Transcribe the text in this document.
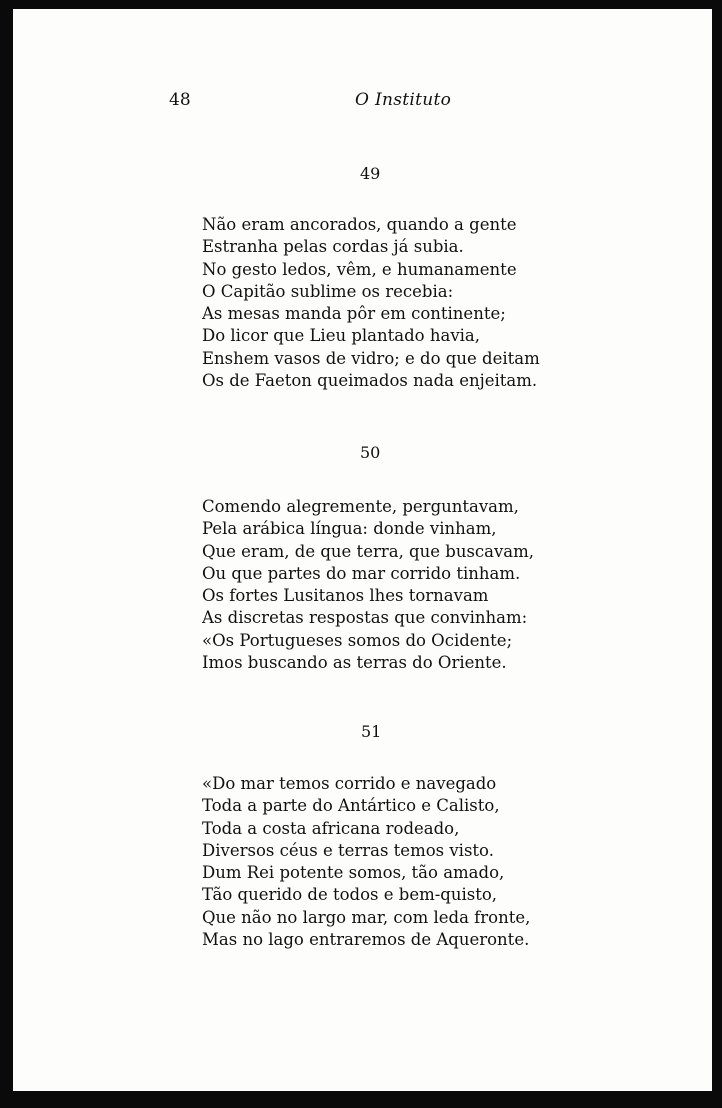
48	O Instituto
49
Não eram ancorados, quando a gente
Estranha pelas cordas já subia.
No gesto ledos, vêm, e humanamente
O Capitão sublime os recebia:
As mesas manda pôr em continente;
Do licor que Lieu plantado havia,
Enshem vasos de vidro; e do que deitam
Os de Faeton queimados nada enjeitam.
50
Comendo alegremente, perguntavam,
Pela arábica língua: donde vinham,
Que eram, de que terra, que buscavam,
Ou que partes do mar corrido tinham.
Os fortes Lusitanos lhes tornavam
As discretas respostas que convinham:
«Os Portugueses somos do Ocidente;
Imos buscando as terras do Oriente.
51
«Do mar temos corrido e navegado
Toda a parte do Antártico e Calisto,
Toda a costa africana rodeado,
Diversos céus e terras temos visto.
Dum Rei potente somos, tão amado,
Tão querido de todos e bem-quisto,
Que não no largo mar, com leda fronte,
Mas no lago entraremos de Aqueronte.
